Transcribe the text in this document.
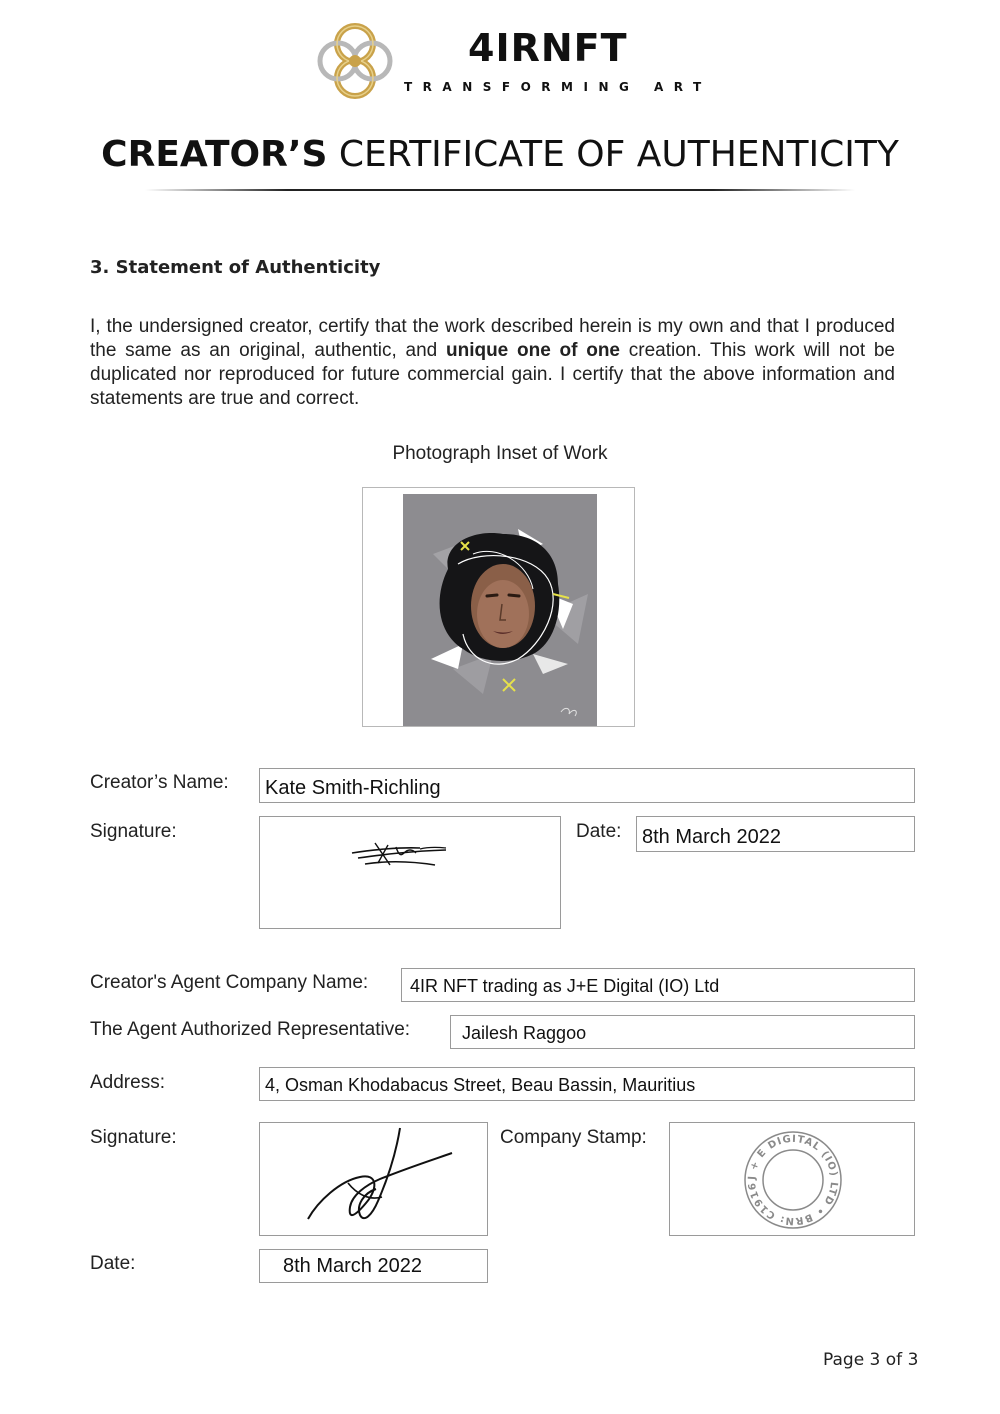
4IRNFT
TRANSFORMING ART
CREATOR’S CERTIFICATE OF AUTHENTICITY
3. Statement of Authenticity
I, the undersigned creator, certify that the work described herein is my own and that I produced the same as an original, authentic, and unique one of one creation. This work will not be duplicated nor reproduced for future commercial gain. I certify that the above information and statements are true and correct.
Photograph Inset of Work
Creator’s Name:	Kate Smith-Richling
Signature:	Date:	8th March 2022
Creator's Agent Company Name:	4IR NFT trading as J+E Digital (IO) Ltd
The Agent Authorized Representative:	Jailesh Raggoo
Address:	4, Osman Khodabacus Street, Beau Bassin, Mauritius
Signature:	Company Stamp:
J + E DIGITAL (IO) LTD • BRN: C1916
Date:	8th March 2022
Page 3 of 3
